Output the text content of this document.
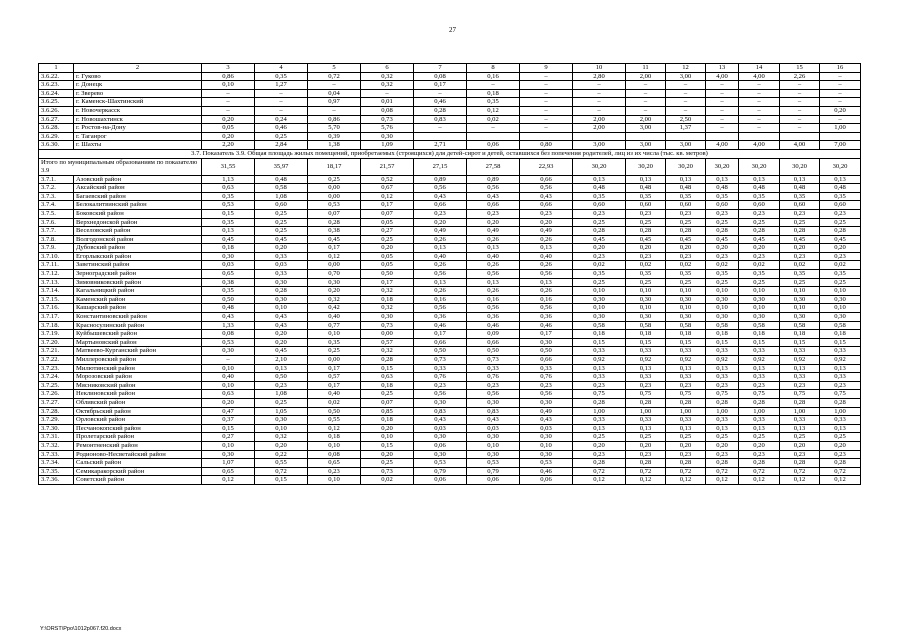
27
1	2	3	4	5	6	7	8	9	10	11	12	13	14	15	16
3.6.22.	г. Гуково	0,86	0,35	0,72	0,32	0,08	0,16	–	2,80	2,00	3,00	4,00	4,00	2,26	–
3.6.23.	г. Донецк	0,10	1,27	–	0,32	0,17	–	–	–	–	–	–	–	–	–
3.6.24.	г. Зверево	–	–	0,04	–	–	0,18	–	–	–	–	–	–	–	–
3.6.25.	г. Каменск-Шахтинский	–	–	0,97	0,01	0,46	0,35	–	–	–	–	–	–	–	–
3.6.26.	г. Новочеркасск	–	–	–	0,08	0,28	0,12	–	–	–	–	–	–	–	0,20
3.6.27.	г. Новошахтинск	0,20	0,24	0,86	0,73	0,83	0,02	–	2,00	2,00	2,50	–	–	–	–
3.6.28.	г. Ростов-на-Дону	0,05	0,46	5,70	5,76	–	–	–	2,00	3,00	1,37	–	–	–	1,00
3.6.29.	г. Таганрог	0,20	0,25	0,39	0,30										
3.6.30.	г. Шахты	2,20	2,84	1,38	1,09	2,71	0,06	0,80	3,00	3,00	3,00	4,00	4,00	4,00	7,00
3.7. Показатель 3.9. Общая площадь жилых помещений, приобретаемых (строящихся) для детей-сирот и детей, оставшихся без попечения родителей, лиц из их числа (тыс. кв. метров)															
Итого по муниципальным образованиям по показателю 3.9		31,55	35,97	18,17	21,57	27,15	27,58	22,93	30,20	30,20	30,20	30,20	30,20	30,20	30,20
3.7.1.	Азовский район	1,13	0,48	0,25	0,52	0,89	0,89	0,66	0,13	0,13	0,13	0,13	0,13	0,13	0,13
3.7.2.	Аксайский район	0,63	0,58	0,00	0,67	0,56	0,56	0,56	0,48	0,48	0,48	0,48	0,48	0,48	0,48
3.7.3.	Багаевский район	0,35	1,08	0,00	0,12	0,43	0,43	0,43	0,35	0,35	0,35	0,35	0,35	0,35	0,35
3.7.4.	Белокалитвинский район	0,53	0,60	0,53	0,17	0,66	0,66	0,66	0,60	0,60	0,60	0,60	0,60	0,60	0,60
3.7.5.	Боковский район	0,15	0,25	0,07	0,07	0,23	0,23	0,23	0,23	0,23	0,23	0,23	0,23	0,23	0,23
3.7.6.	Верхнедонской район	0,35	0,25	0,28	0,05	0,20	0,20	0,20	0,25	0,25	0,25	0,25	0,25	0,25	0,25
3.7.7.	Веселовский район	0,13	0,25	0,38	0,27	0,49	0,49	0,49	0,28	0,28	0,28	0,28	0,28	0,28	0,28
3.7.8.	Волгодонской район	0,45	0,45	0,45	0,25	0,26	0,26	0,26	0,45	0,45	0,45	0,45	0,45	0,45	0,45
3.7.9.	Дубовский район	0,18	0,20	0,17	0,20	0,13	0,13	0,13	0,20	0,20	0,20	0,20	0,20	0,20	0,20
3.7.10.	Егорлыкский район	0,30	0,33	0,12	0,05	0,40	0,40	0,40	0,23	0,23	0,23	0,23	0,23	0,23	0,23
3.7.11.	Заветинский район	0,03	0,03	0,00	0,05	0,26	0,26	0,26	0,02	0,02	0,02	0,02	0,02	0,02	0,02
3.7.12.	Зерноградский район	0,65	0,33	0,70	0,50	0,56	0,56	0,56	0,35	0,35	0,35	0,35	0,35	0,35	0,35
3.7.13.	Зимовниковский район	0,38	0,30	0,30	0,17	0,13	0,13	0,13	0,25	0,25	0,25	0,25	0,25	0,25	0,25
3.7.14.	Кагальницкий район	0,35	0,28	0,20	0,32	0,26	0,26	0,26	0,10	0,10	0,10	0,10	0,10	0,10	0,10
3.7.15.	Каменский район	0,50	0,30	0,32	0,18	0,16	0,16	0,16	0,30	0,30	0,30	0,30	0,30	0,30	0,30
3.7.16.	Кашарский район	0,48	0,10	0,42	0,32	0,56	0,56	0,56	0,10	0,10	0,10	0,10	0,10	0,10	0,10
3.7.17.	Константиновский район	0,43	0,43	0,40	0,30	0,36	0,36	0,36	0,30	0,30	0,30	0,30	0,30	0,30	0,30
3.7.18.	Красносулинский район	1,33	0,43	0,77	0,73	0,46	0,46	0,46	0,58	0,58	0,58	0,58	0,58	0,58	0,58
3.7.19.	Куйбышевский район	0,08	0,20	0,10	0,00	0,17	0,09	0,17	0,18	0,18	0,18	0,18	0,18	0,18	0,18
3.7.20.	Мартыновский район	0,53	0,20	0,35	0,57	0,66	0,66	0,30	0,15	0,15	0,15	0,15	0,15	0,15	0,15
3.7.21.	Матвеево-Курганский район	0,30	0,45	0,25	0,32	0,50	0,50	0,50	0,33	0,33	0,33	0,33	0,33	0,33	0,33
3.7.22.	Миллеровский район	–	2,10	0,00	0,28	0,73	0,73	0,66	0,92	0,92	0,92	0,92	0,92	0,92	0,92
3.7.23.	Милютинский район	0,10	0,13	0,17	0,15	0,33	0,33	0,33	0,13	0,13	0,13	0,13	0,13	0,13	0,13
3.7.24.	Морозовский район	0,40	0,50	0,57	0,63	0,76	0,76	0,76	0,33	0,33	0,33	0,33	0,33	0,33	0,33
3.7.25.	Мясниковский район	0,10	0,23	0,17	0,18	0,23	0,23	0,23	0,23	0,23	0,23	0,23	0,23	0,23	0,23
3.7.26.	Неклиновский район	0,63	1,08	0,40	0,25	0,56	0,56	0,56	0,75	0,75	0,75	0,75	0,75	0,75	0,75
3.7.27.	Обливский район	0,20	0,25	0,02	0,07	0,30	0,30	0,30	0,28	0,28	0,28	0,28	0,28	0,28	0,28
3.7.28.	Октябрьский район	0,47	1,05	0,50	0,85	0,83	0,83	0,49	1,00	1,00	1,00	1,00	1,00	1,00	1,00
3.7.29.	Орловский район	0,37	0,30	0,55	0,18	0,43	0,43	0,43	0,33	0,33	0,33	0,33	0,33	0,33	0,33
3.7.30.	Песчанокопский район	0,15	0,10	0,12	0,20	0,03	0,03	0,03	0,13	0,13	0,13	0,13	0,13	0,13	0,13
3.7.31.	Пролетарский район	0,27	0,32	0,18	0,10	0,30	0,30	0,30	0,25	0,25	0,25	0,25	0,25	0,25	0,25
3.7.32.	Ремонтненский район	0,10	0,20	0,10	0,15	0,06	0,10	0,10	0,20	0,20	0,20	0,20	0,20	0,20	0,20
3.7.33.	Родионово-Несветайский район	0,30	0,22	0,08	0,20	0,30	0,30	0,30	0,23	0,23	0,23	0,23	0,23	0,23	0,23
3.7.34.	Сальский район	1,07	0,55	0,65	0,25	0,53	0,53	0,53	0,28	0,28	0,28	0,28	0,28	0,28	0,28
3.7.35.	Семикаракорский район	0,65	0,72	0,23	0,73	0,79	0,79	0,46	0,72	0,72	0,72	0,72	0,72	0,72	0,72
3.7.36.	Советский район	0,12	0,15	0,10	0,02	0,06	0,06	0,06	0,12	0,12	0,12	0,12	0,12	0,12	0,12
Y:\ORST\Ppo\1012p067.f20.docx
